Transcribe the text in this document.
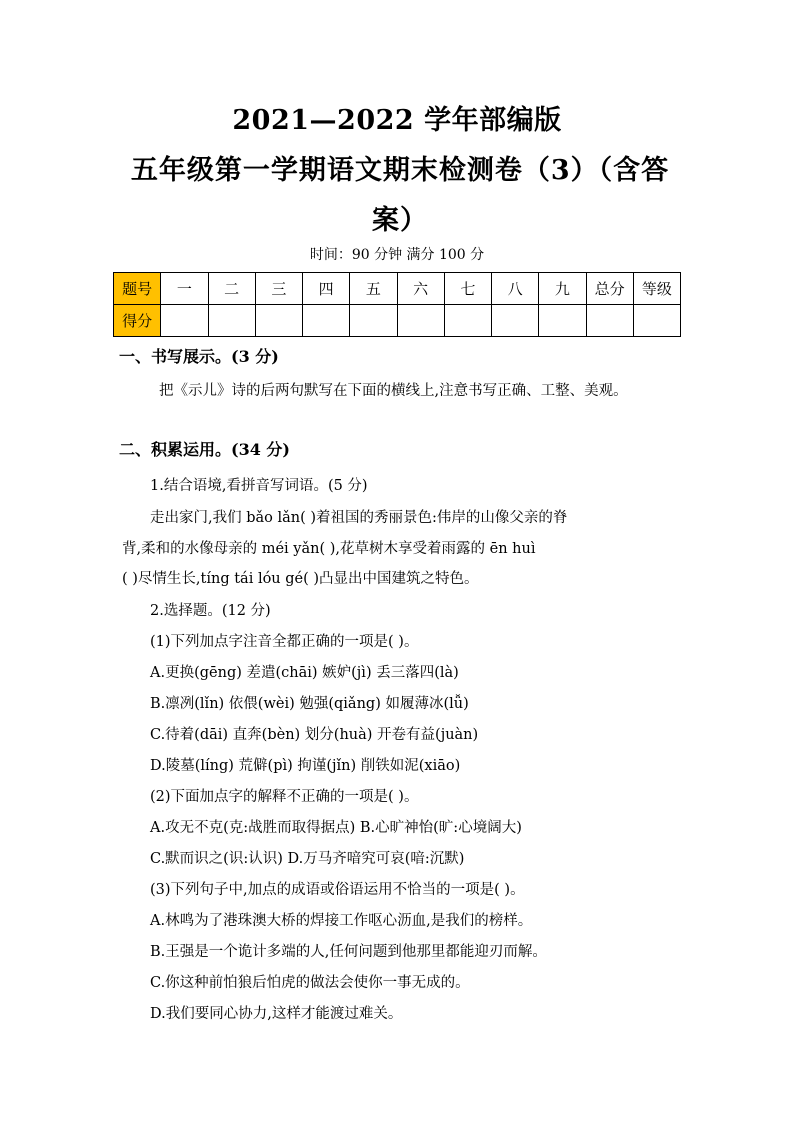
2021—2022 学年部编版
五年级第一学期语文期末检测卷（3）（含答案）
时间：90 分钟 满分 100 分
题号	一	二	三	四	五	六	七	八	九	总分	等级
得分											
一、书写展示。(3 分)
把《示儿》诗的后两句默写在下面的横线上,注意书写正确、工整、美观。
二、积累运用。(34 分)
1.结合语境,看拼音写词语。(5 分)
走出家门,我们 bǎo lǎn( )着祖国的秀丽景色:伟岸的山像父亲的脊
背,柔和的水像母亲的 méi yǎn( ),花草树木享受着雨露的 ēn huì
( )尽情生长,tíng tái lóu gé( )凸显出中国建筑之特色。
2.选择题。(12 分)
(1)下列加点字注音全都正确的一项是( )。
A.更换(gēng) 差遣(chāi) 嫉妒(jì) 丢三落四(là)
B.凛冽(lǐn) 依偎(wèi) 勉强(qiǎng) 如履薄冰(lǚ)
C.待着(dāi) 直奔(bèn) 划分(huà) 开卷有益(juàn)
D.陵墓(líng) 荒僻(pì) 拘谨(jǐn) 削铁如泥(xiāo)
(2)下面加点字的解释不正确的一项是( )。
A.攻无不克(克:战胜而取得据点) B.心旷神怡(旷:心境阔大)
C.默而识之(识:认识) D.万马齐喑究可哀(喑:沉默)
(3)下列句子中,加点的成语或俗语运用不恰当的一项是( )。
A.林鸣为了港珠澳大桥的焊接工作呕心沥血,是我们的榜样。
B.王强是一个诡计多端的人,任何问题到他那里都能迎刃而解。
C.你这种前怕狼后怕虎的做法会使你一事无成的。
D.我们要同心协力,这样才能渡过难关。
